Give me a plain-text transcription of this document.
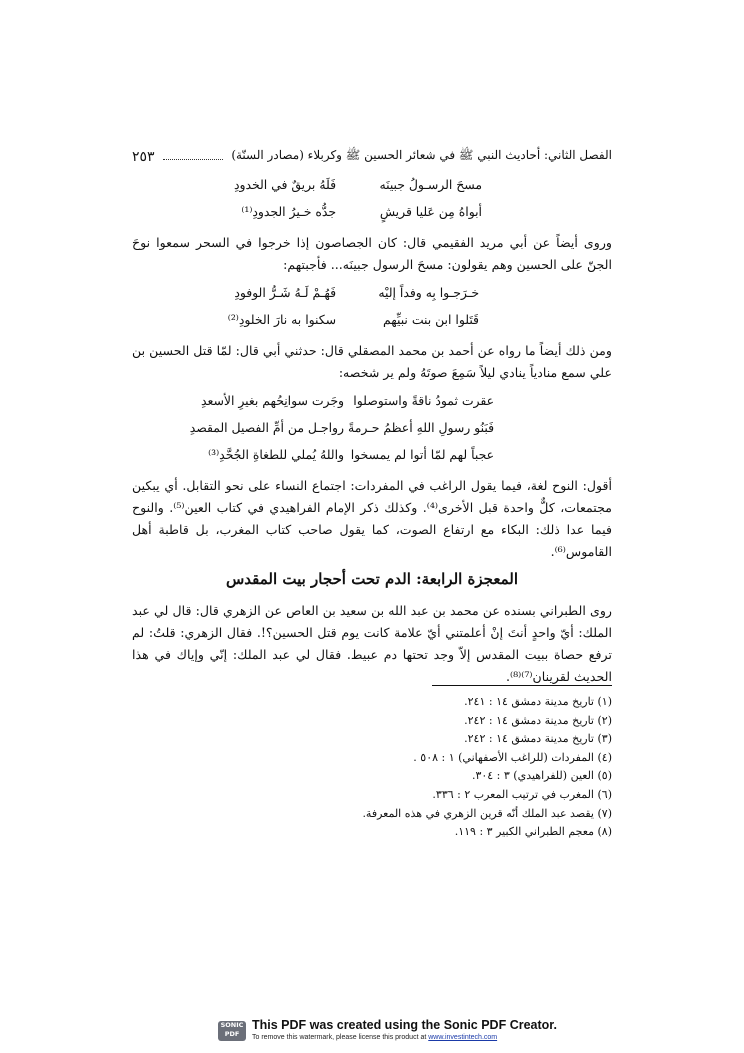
الفصل الثاني: أحاديث النبي ﷺ في شعائر الحسين ﷺ وكربلاء (مصادر السنّة)
٢٥٣
مسحَ الرسـولُ جبينَه
فَلَهُ بريقٌ في الخدودِ
أبواهُ مِن عَليا قريشٍ
جدُّه خـيرُ الجدودِ⁽¹⁾
وروى أيضاً عن أبي مريد الفقيمي قال: كان الجصاصون إذا خرجوا في السحر سمعوا نوحَ الجنّ على الحسين وهم يقولون: مسحَ الرسول جبينَه... فأجبتهم:
خـرَجـوا بِه وفداً إليْه
فَهُـمْ لَـهُ شَـرُّ الوفودِ
قَتَلوا ابن بنت نبيِّهم
سكنوا به نارَ الخلودِ⁽²⁾
ومن ذلك أيضاً ما رواه عن أحمد بن محمد المصقلي قال: حدثني أبي قال: لمّا قتل الحسين بن علي سمع منادياً ينادي ليلاً سَمِعَ صوتَهُ ولم ير شخصه:
عقرت ثمودُ ناقةً واستوصلوا
وجَرت سوانِحُهم بغيرِ الأسعدِ
فَبَنُو رسولِ اللهِ أعظمُ حـرمةً
رواجـل من أمِّ الفصيل المقصدِ
عجباً لهم لمّا أتوا لم يمسخوا
واللهُ يُملي للطغاةِ الجُحَّدِ⁽³⁾
أقول: النوح لغة، فيما يقول الراغب في المفردات: اجتماع النساء على نحو التقابل. أي يبكين مجتمعات، كلٌّ واحدة قبل الأخرى⁽⁴⁾. وكذلك ذكر الإمام الفراهيدي في كتاب العين⁽⁵⁾. والنوح فيما عدا ذلك: البكاء مع ارتفاع الصوت، كما يقول صاحب كتاب المغرب، بل قاطبة أهل القاموس⁽⁶⁾.
المعجزة الرابعة: الدم تحت أحجار بيت المقدس
روى الطبراني بسنده عن محمد بن عبد الله بن سعيد بن العاص عن الزهري قال: قال لي عبد الملك: أيّ واحدٍ أنتَ إنْ أعلمتني أيّ علامة كانت يوم قتل الحسين؟!. فقال الزهري: قلتُ: لم ترفع حصاة ببيت المقدس إلاّ وجد تحتها دم عبيط. فقال لي عبد الملك: إنّي وإياك في هذا الحديث لقرينان⁽⁷⁾⁽⁸⁾.
(١) تاريخ مدينة دمشق ١٤ : ٢٤١.
(٢) تاريخ مدينة دمشق ١٤ : ٢٤٢.
(٣) تاريخ مدينة دمشق ١٤ : ٢٤٢.
(٤) المفردات (للراغب الأصفهاني) ١ : ٥٠٨ .
(٥) العين (للفراهيدي) ٣ : ٣٠٤.
(٦) المغرب في ترتيب المعرب ٢ : ٣٣٦.
(٧) يقصد عبد الملك أنّه قرين الزهري في هذه المعرفة.
(٨) معجم الطبراني الكبير ٣ : ١١٩.
SONIC PDF
This PDF was created using the Sonic PDF Creator.
To remove this watermark, please license this product at www.investintech.com
